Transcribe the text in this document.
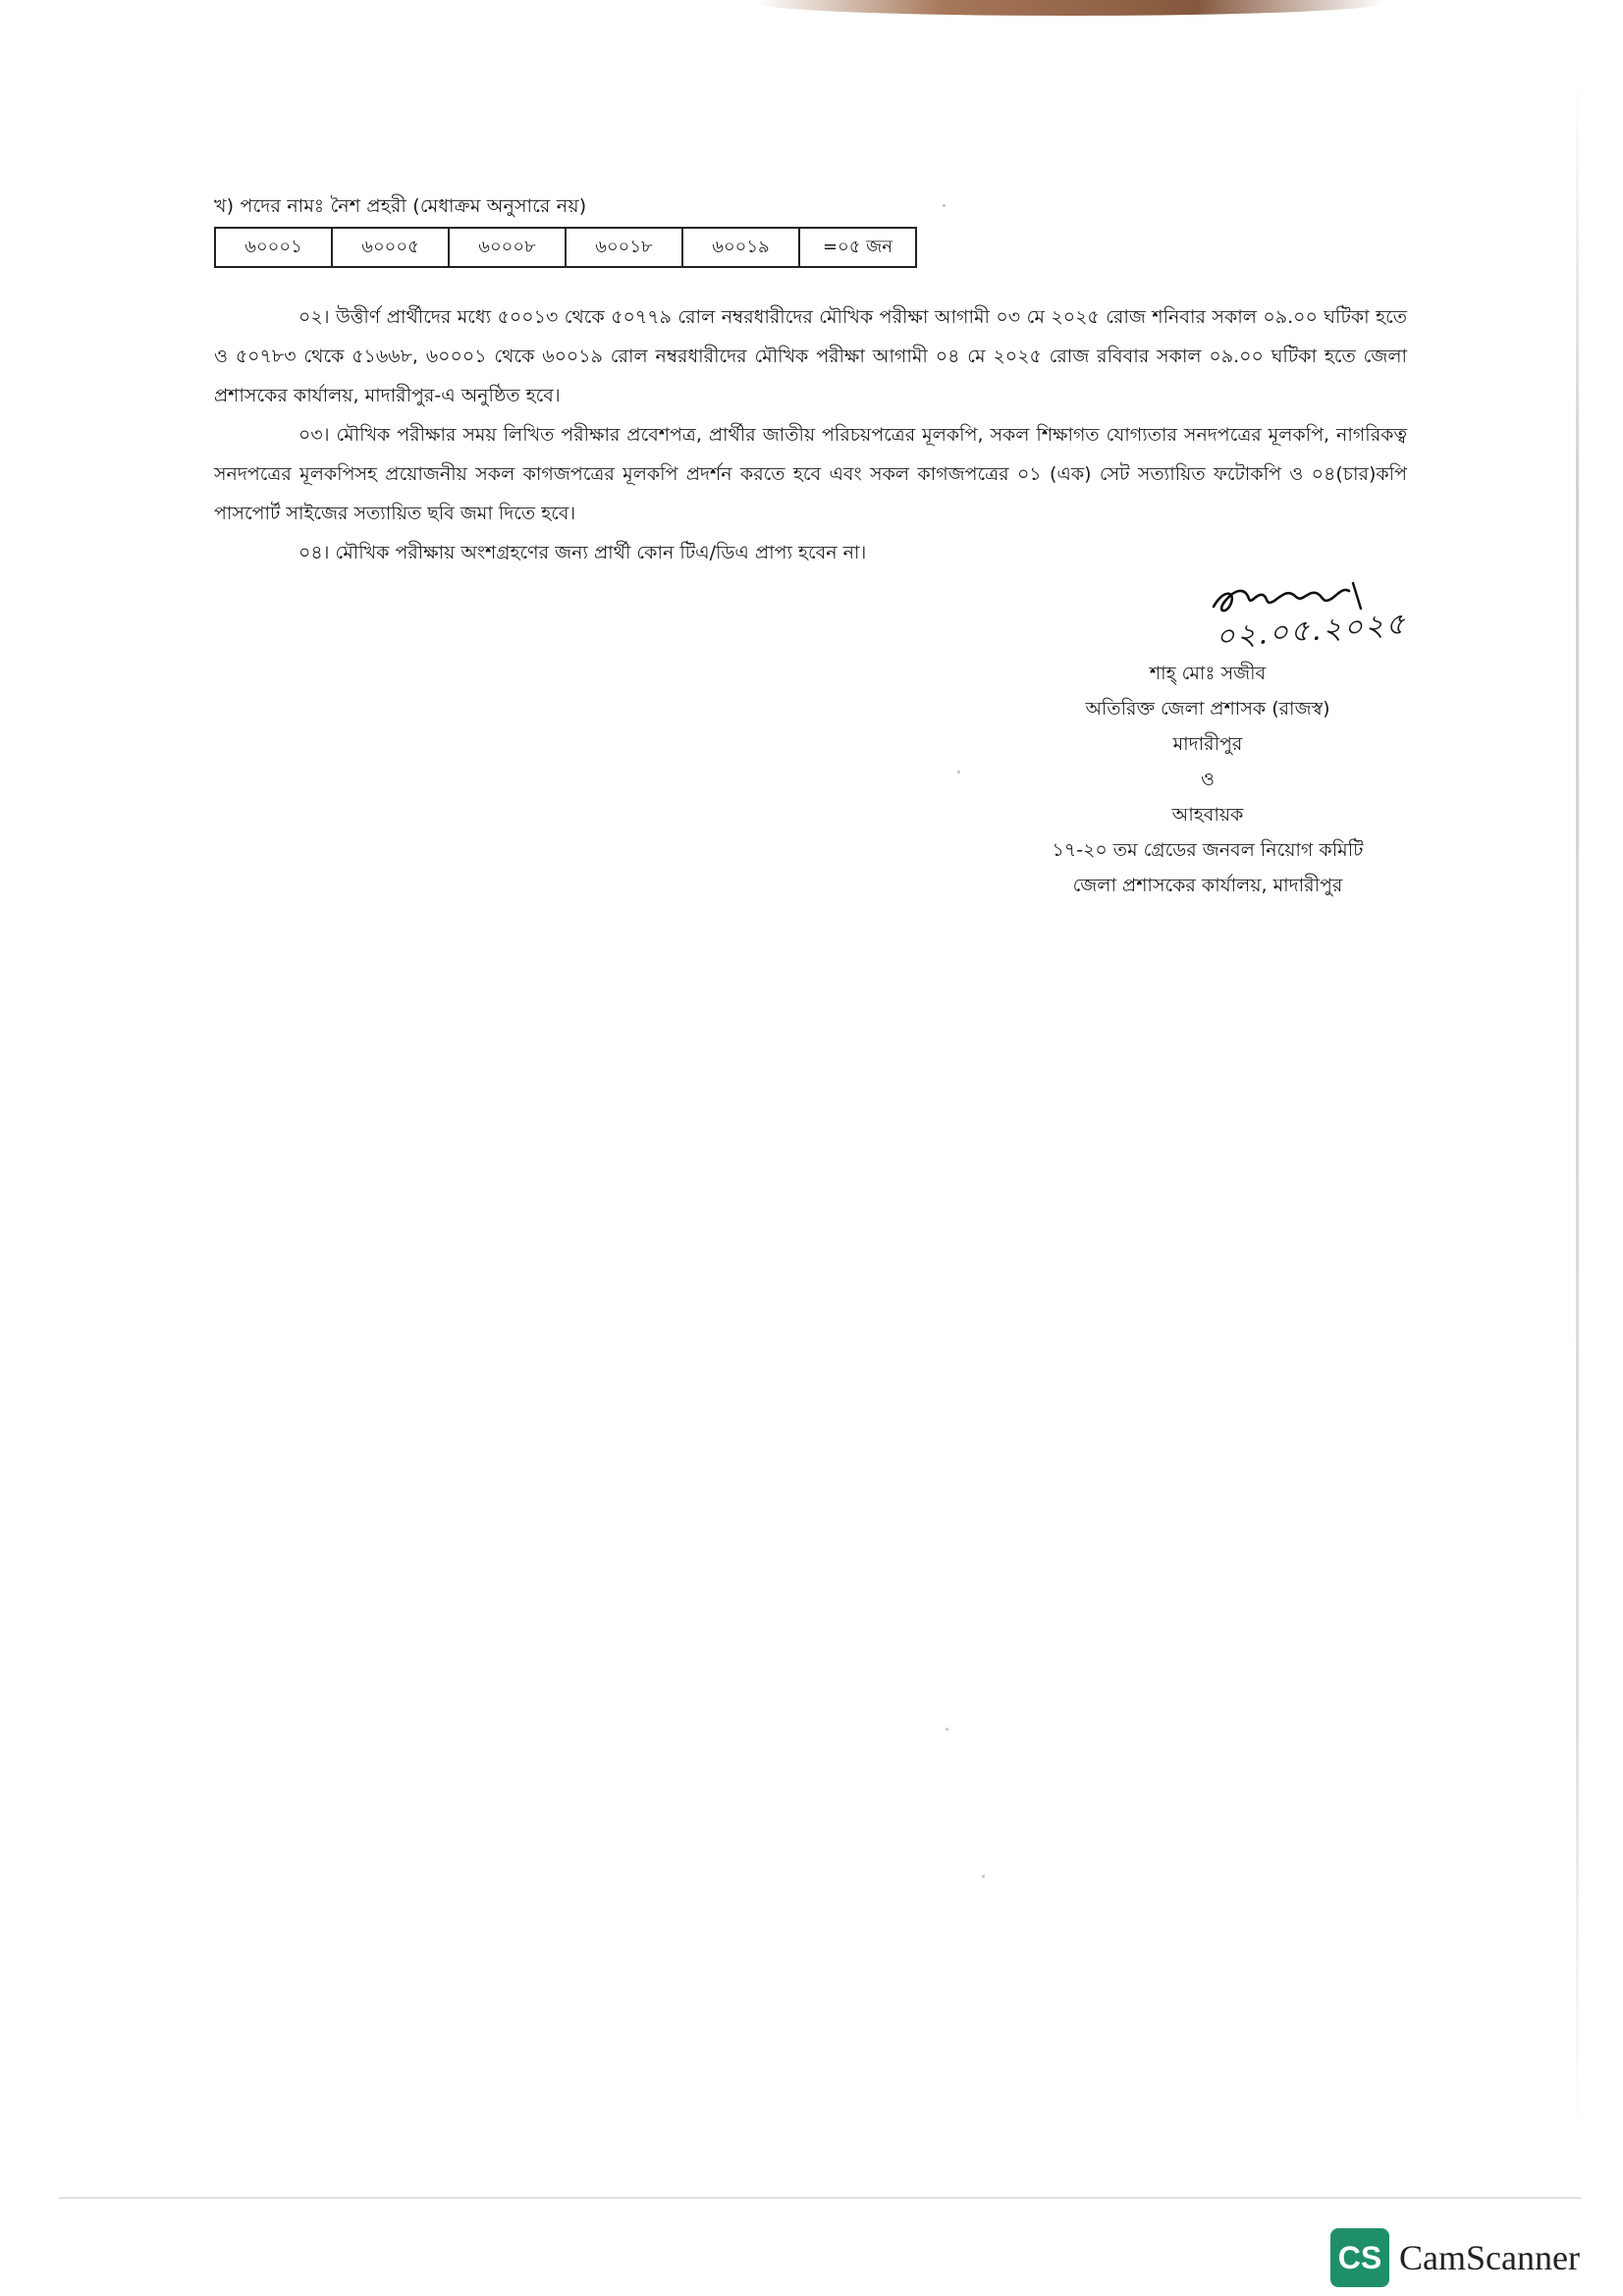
খ) পদের নামঃ নৈশ প্রহরী (মেধাক্রম অনুসারে নয়)
৬০০০১	৬০০০৫	৬০০০৮	৬০০১৮	৬০০১৯	=০৫ জন
০২। উত্তীর্ণ প্রার্থীদের মধ্যে ৫০০১৩ থেকে ৫০৭৭৯ রোল নম্বরধারীদের মৌখিক পরীক্ষা আগামী ০৩ মে ২০২৫ রোজ শনিবার সকাল ০৯.০০ ঘটিকা হতে ও ৫০৭৮৩ থেকে ৫১৬৬৮, ৬০০০১ থেকে ৬০০১৯ রোল নম্বরধারীদের মৌখিক পরীক্ষা আগামী ০৪ মে ২০২৫ রোজ রবিবার সকাল ০৯.০০ ঘটিকা হতে জেলা প্রশাসকের কার্যালয়, মাদারীপুর-এ অনুষ্ঠিত হবে।
০৩। মৌখিক পরীক্ষার সময় লিখিত পরীক্ষার প্রবেশপত্র, প্রার্থীর জাতীয় পরিচয়পত্রের মূলকপি, সকল শিক্ষাগত যোগ্যতার সনদপত্রের মূলকপি, নাগরিকত্ব সনদপত্রের মূলকপিসহ প্রয়োজনীয় সকল কাগজপত্রের মূলকপি প্রদর্শন করতে হবে এবং সকল কাগজপত্রের ০১ (এক) সেট সত্যায়িত ফটোকপি ও ০৪(চার)কপি পাসপোর্ট সাইজের সত্যায়িত ছবি জমা দিতে হবে।
০৪। মৌখিক পরীক্ষায় অংশগ্রহণের জন্য প্রার্থী কোন টিএ/ডিএ প্রাপ্য হবেন না।
০২.০৫.২০২৫
শাহ্ মোঃ সজীব
অতিরিক্ত জেলা প্রশাসক (রাজস্ব)
মাদারীপুর
ও
আহবায়ক
১৭-২০ তম গ্রেডের জনবল নিয়োগ কমিটি
জেলা প্রশাসকের কার্যালয়, মাদারীপুর
CS CamScanner
